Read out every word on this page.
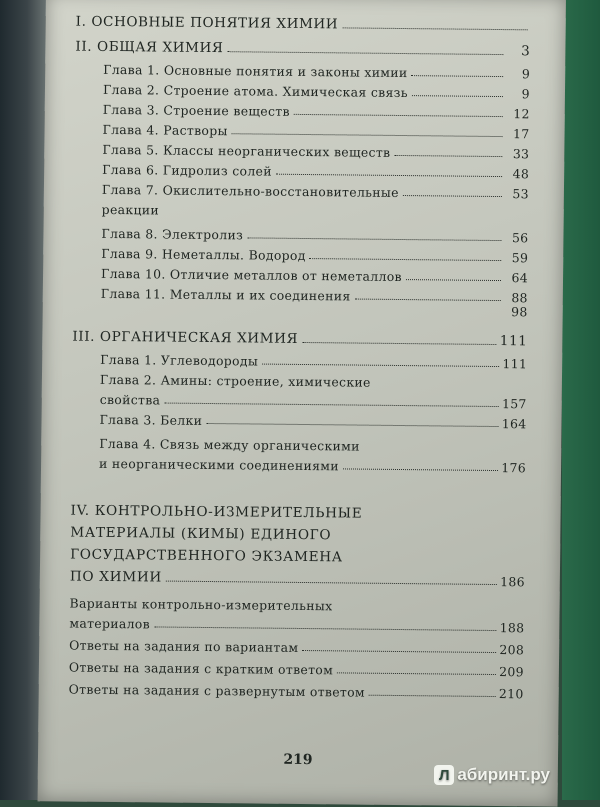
I. ОСНОВНЫЕ ПОНЯТИЯ ХИМИИ
II. ОБЩАЯ ХИМИЯ	3
Глава 1. Основные понятия и законы химии	9
Глава 2. Строение атома. Химическая связь	9
Глава 3. Строение веществ	12
Глава 4. Растворы	17
Глава 5. Классы неорганических веществ	33
Глава 6. Гидролиз солей	48
Глава 7. Окислительно-восстановительные	53
реакции
Глава 8. Электролиз	56
Глава 9. Неметаллы. Водород	59
Глава 10. Отличие металлов от неметаллов	64
Глава 11. Металлы и их соединения	88
98
III. ОРГАНИЧЕСКАЯ ХИМИЯ	111
Глава 1. Углеводороды	111
Глава 2. Амины: строение, химические
свойства	157
Глава 3. Белки	164
Глава 4. Связь между органическими
и неорганическими соединениями	176
IV. КОНТРОЛЬНО-ИЗМЕРИТЕЛЬНЫЕ
МАТЕРИАЛЫ (КИМЫ) ЕДИНОГО
ГОСУДАРСТВЕННОГО ЭКЗАМЕНА
ПО ХИМИИ	186
Варианты контрольно-измерительных
материалов	188
Ответы на задания по вариантам	208
Ответы на задания с кратким ответом	209
Ответы на задания с развернутым ответом	210
219
Л абиринт.ру
